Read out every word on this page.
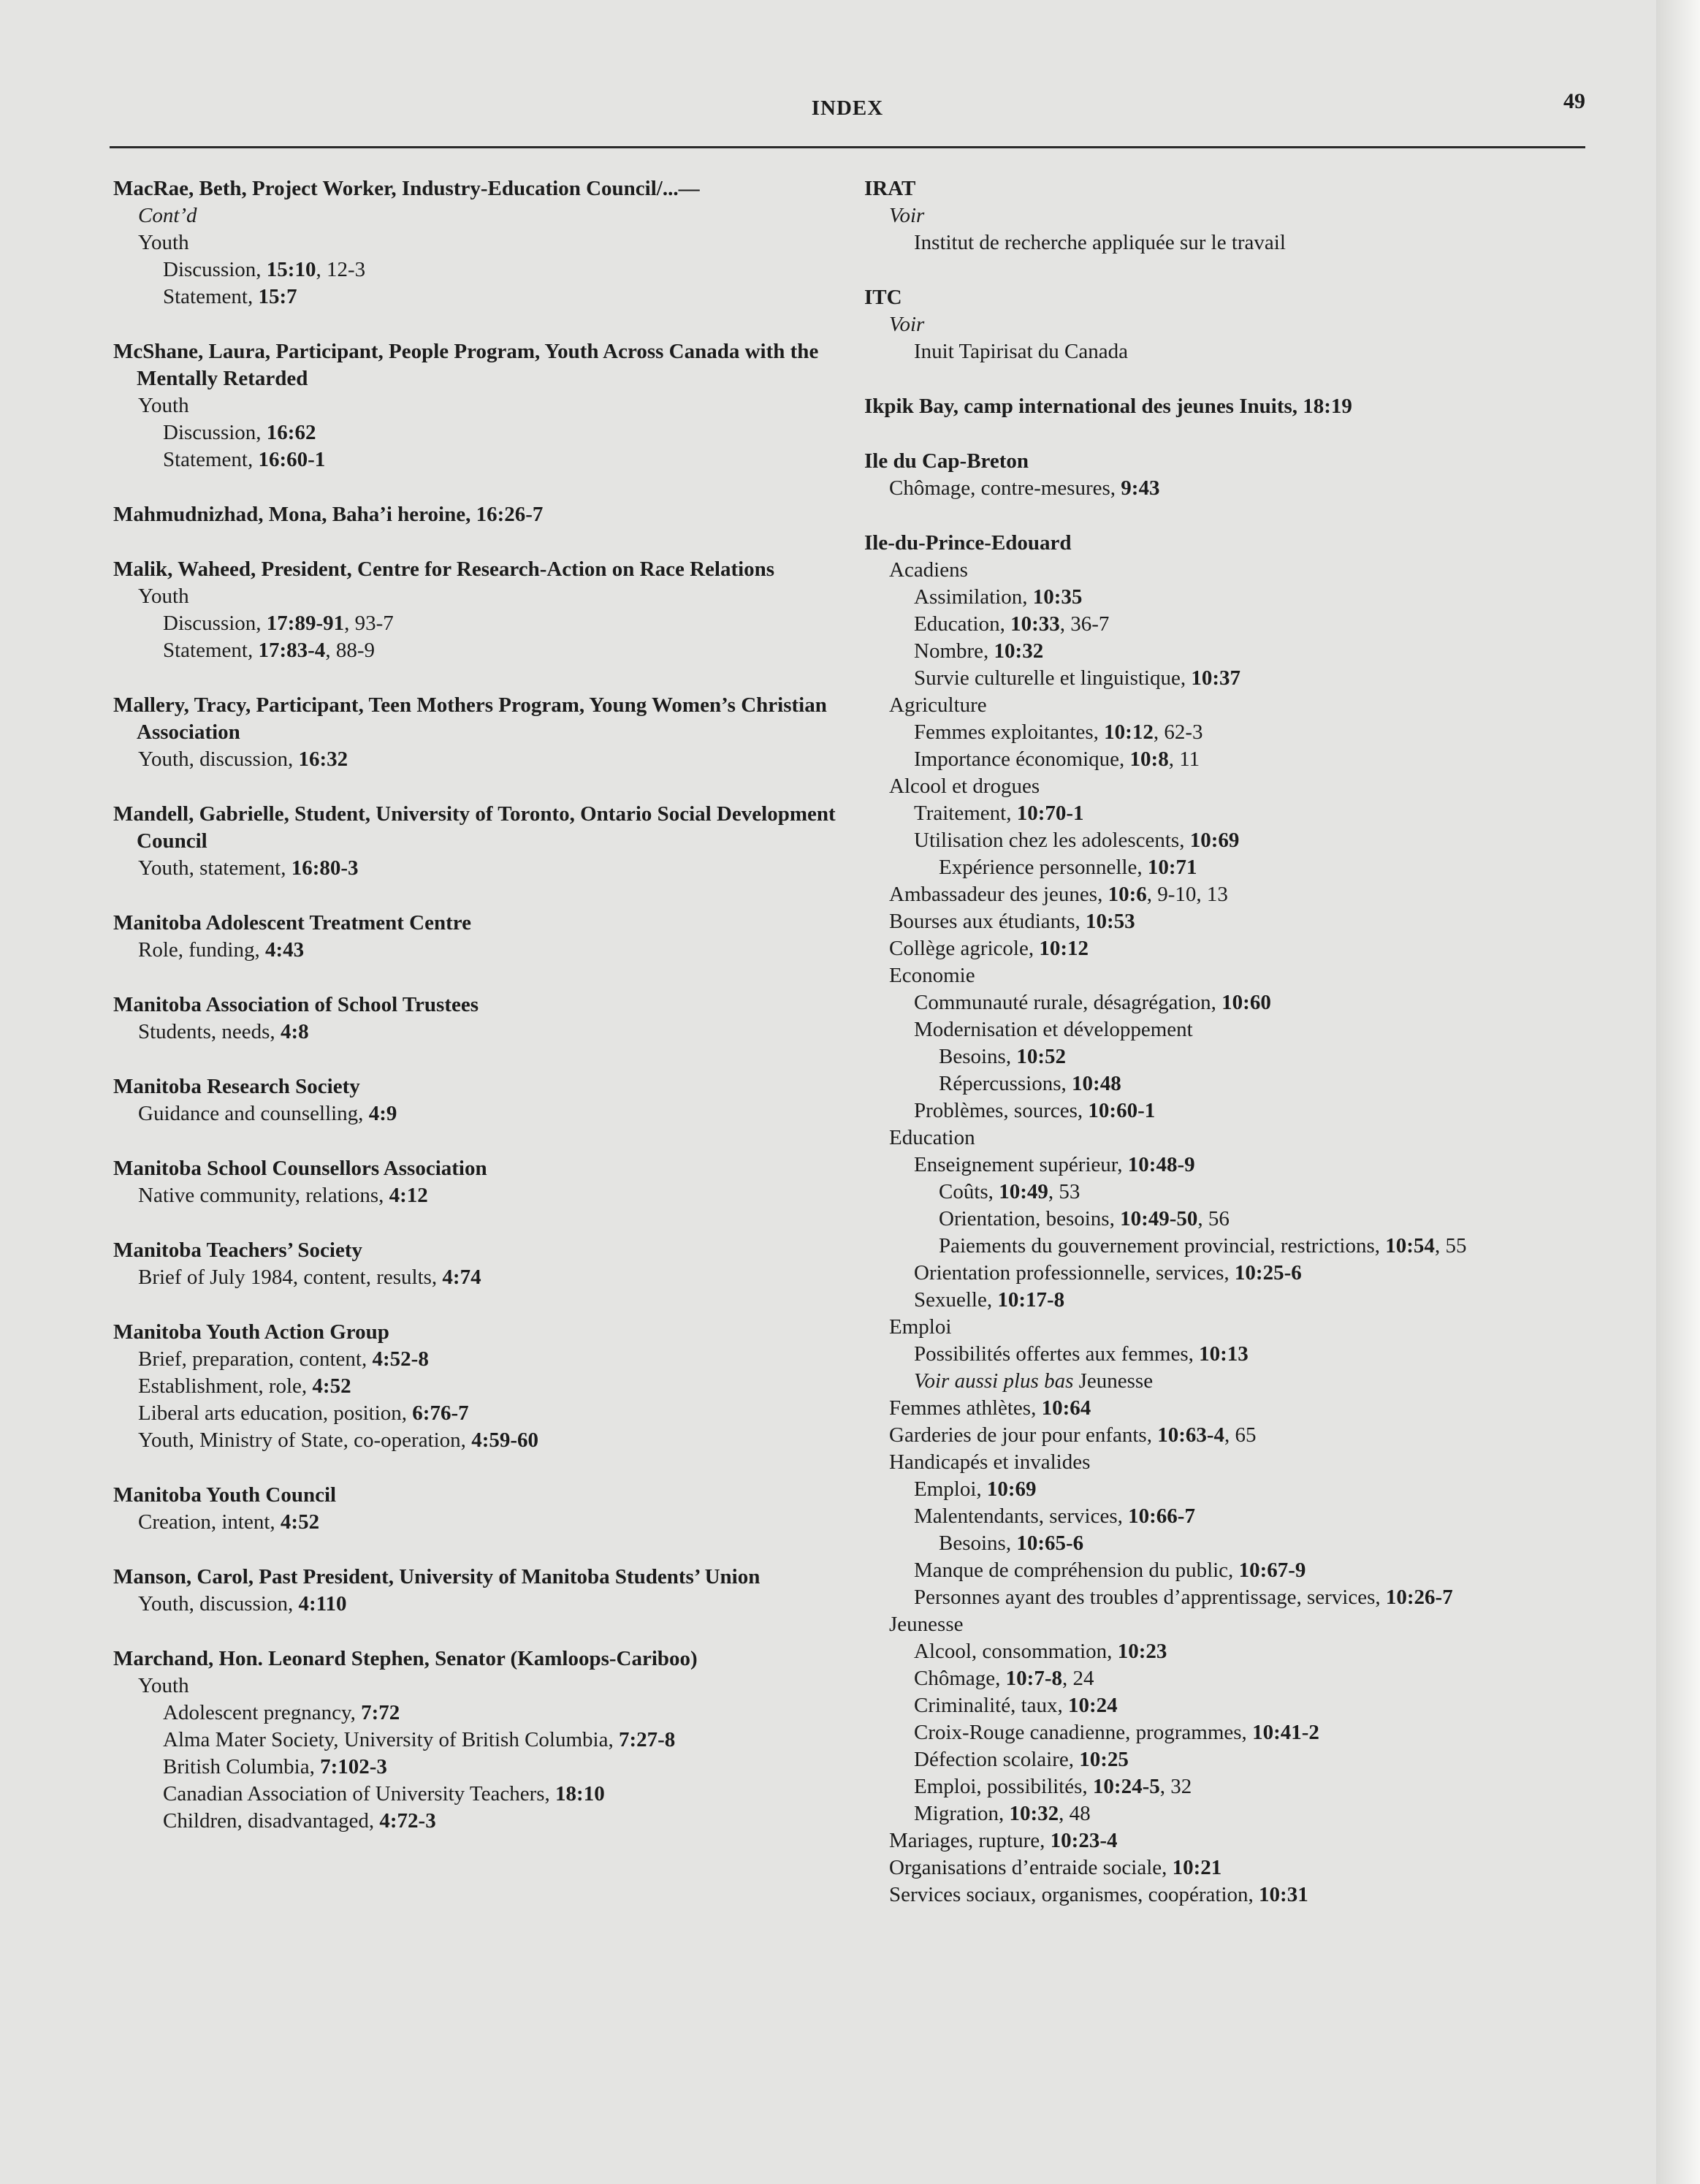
INDEX	49
MacRae, Beth, Project Worker, Industry-Education Council/...—
Cont’d
Youth
Discussion, 15:10, 12-3
Statement, 15:7
McShane, Laura, Participant, People Program, Youth Across Canada with the Mentally Retarded
Youth
Discussion, 16:62
Statement, 16:60-1
Mahmudnizhad, Mona, Baha’i heroine, 16:26-7
Malik, Waheed, President, Centre for Research-Action on Race Relations
Youth
Discussion, 17:89-91, 93-7
Statement, 17:83-4, 88-9
Mallery, Tracy, Participant, Teen Mothers Program, Young Women’s Christian Association
Youth, discussion, 16:32
Mandell, Gabrielle, Student, University of Toronto, Ontario Social Development Council
Youth, statement, 16:80-3
Manitoba Adolescent Treatment Centre
Role, funding, 4:43
Manitoba Association of School Trustees
Students, needs, 4:8
Manitoba Research Society
Guidance and counselling, 4:9
Manitoba School Counsellors Association
Native community, relations, 4:12
Manitoba Teachers’ Society
Brief of July 1984, content, results, 4:74
Manitoba Youth Action Group
Brief, preparation, content, 4:52-8
Establishment, role, 4:52
Liberal arts education, position, 6:76-7
Youth, Ministry of State, co-operation, 4:59-60
Manitoba Youth Council
Creation, intent, 4:52
Manson, Carol, Past President, University of Manitoba Students’ Union
Youth, discussion, 4:110
Marchand, Hon. Leonard Stephen, Senator (Kamloops-Cariboo)
Youth
Adolescent pregnancy, 7:72
Alma Mater Society, University of British Columbia, 7:27-8
British Columbia, 7:102-3
Canadian Association of University Teachers, 18:10
Children, disadvantaged, 4:72-3
IRAT
Voir
Institut de recherche appliquée sur le travail
ITC
Voir
Inuit Tapirisat du Canada
Ikpik Bay, camp international des jeunes Inuits, 18:19
Ile du Cap-Breton
Chômage, contre-mesures, 9:43
Ile-du-Prince-Edouard
Acadiens
Assimilation, 10:35
Education, 10:33, 36-7
Nombre, 10:32
Survie culturelle et linguistique, 10:37
Agriculture
Femmes exploitantes, 10:12, 62-3
Importance économique, 10:8, 11
Alcool et drogues
Traitement, 10:70-1
Utilisation chez les adolescents, 10:69
Expérience personnelle, 10:71
Ambassadeur des jeunes, 10:6, 9-10, 13
Bourses aux étudiants, 10:53
Collège agricole, 10:12
Economie
Communauté rurale, désagrégation, 10:60
Modernisation et développement
Besoins, 10:52
Répercussions, 10:48
Problèmes, sources, 10:60-1
Education
Enseignement supérieur, 10:48-9
Coûts, 10:49, 53
Orientation, besoins, 10:49-50, 56
Paiements du gouvernement provincial, restrictions, 10:54, 55
Orientation professionnelle, services, 10:25-6
Sexuelle, 10:17-8
Emploi
Possibilités offertes aux femmes, 10:13
Voir aussi plus bas Jeunesse
Femmes athlètes, 10:64
Garderies de jour pour enfants, 10:63-4, 65
Handicapés et invalides
Emploi, 10:69
Malentendants, services, 10:66-7
Besoins, 10:65-6
Manque de compréhension du public, 10:67-9
Personnes ayant des troubles d’apprentissage, services, 10:26-7
Jeunesse
Alcool, consommation, 10:23
Chômage, 10:7-8, 24
Criminalité, taux, 10:24
Croix-Rouge canadienne, programmes, 10:41-2
Défection scolaire, 10:25
Emploi, possibilités, 10:24-5, 32
Migration, 10:32, 48
Mariages, rupture, 10:23-4
Organisations d’entraide sociale, 10:21
Services sociaux, organismes, coopération, 10:31
